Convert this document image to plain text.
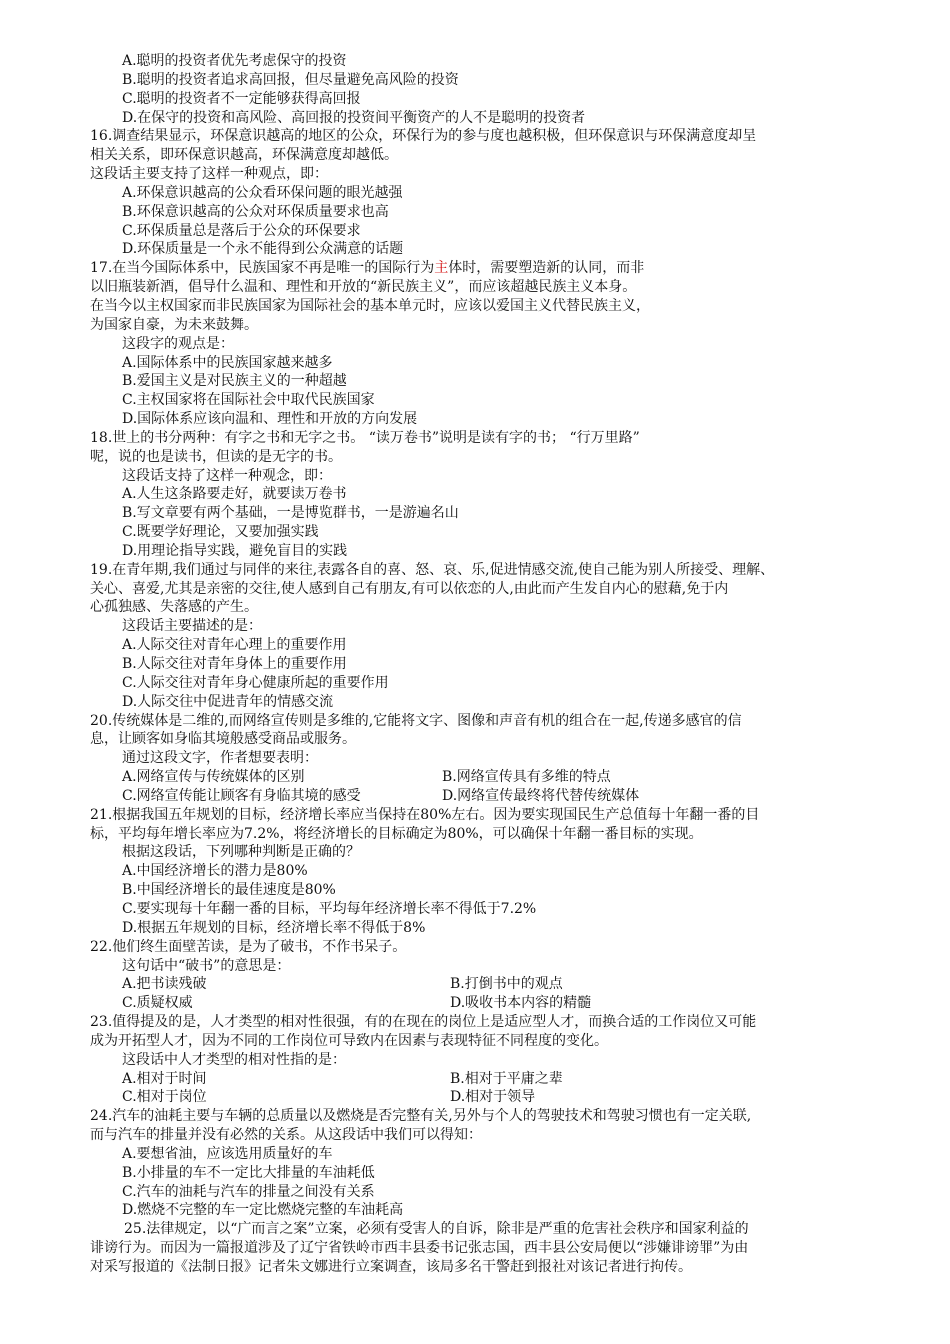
A.聪明的投资者优先考虑保守的投资
B.聪明的投资者追求高回报，但尽量避免高风险的投资
C.聪明的投资者不一定能够获得高回报
D.在保守的投资和高风险、高回报的投资间平衡资产的人不是聪明的投资者
16.调查结果显示，环保意识越高的地区的公众，环保行为的参与度也越积极，但环保意识与环保满意度却呈
相关关系，即环保意识越高，环保满意度却越低。
这段话主要支持了这样一种观点，即：
A.环保意识越高的公众看环保问题的眼光越强
B.环保意识越高的公众对环保质量要求也高
C.环保质量总是落后于公众的环保要求
D.环保质量是一个永不能得到公众满意的话题
17.在当今国际体系中，民族国家不再是唯一的国际行为主体时，需要塑造新的认同，而非
以旧瓶装新酒，倡导什么温和、理性和开放的“新民族主义”，而应该超越民族主义本身。
在当今以主权国家而非民族国家为国际社会的基本单元时，应该以爱国主义代替民族主义，
为国家自豪，为未来鼓舞。
这段字的观点是：
A.国际体系中的民族国家越来越多
B.爱国主义是对民族主义的一种超越
C.主权国家将在国际社会中取代民族国家
D.国际体系应该向温和、理性和开放的方向发展
18.世上的书分两种：有字之书和无字之书。 “读万卷书”说明是读有字的书； “行万里路”
呢，说的也是读书，但读的是无字的书。
这段话支持了这样一种观念，即：
A.人生这条路要走好，就要读万卷书
B.写文章要有两个基础，一是博览群书，一是游遍名山
C.既要学好理论，又要加强实践
D.用理论指导实践，避免盲目的实践
19.在青年期,我们通过与同伴的来往,表露各自的喜、怒、哀、乐,促进情感交流,使自己能为别人所接受、理解、
关心、喜爱,尤其是亲密的交往,使人感到自己有朋友,有可以依恋的人,由此而产生发自内心的慰藉,免于内
心孤独感、失落感的产生。
这段话主要描述的是：
A.人际交往对青年心理上的重要作用
B.人际交往对青年身体上的重要作用
C.人际交往对青年身心健康所起的重要作用
D.人际交往中促进青年的情感交流
20.传统媒体是二维的,而网络宣传则是多维的,它能将文字、图像和声音有机的组合在一起,传递多感官的信
息，让顾客如身临其境般感受商品或服务。
通过这段文字，作者想要表明：
A.网络宣传与传统媒体的区别	B.网络宣传具有多维的特点
C.网络宣传能让顾客有身临其境的感受	D.网络宣传最终将代替传统媒体
21.根据我国五年规划的目标，经济增长率应当保持在80%左右。因为要实现国民生产总值每十年翻一番的目
标，平均每年增长率应为7.2%，将经济增长的目标确定为80%，可以确保十年翻一番目标的实现。
根据这段话，下列哪种判断是正确的？
A.中国经济增长的潜力是80%
B.中国经济增长的最佳速度是80%
C.要实现每十年翻一番的目标，平均每年经济增长率不得低于7.2%
D.根据五年规划的目标，经济增长率不得低于8%
22.他们终生面壁苦读，是为了破书，不作书呆子。
这句话中“破书”的意思是：
A.把书读残破	B.打倒书中的观点
C.质疑权威	D.吸收书本内容的精髓
23.值得提及的是，人才类型的相对性很强，有的在现在的岗位上是适应型人才，而换合适的工作岗位又可能
成为开拓型人才，因为不同的工作岗位可导致内在因素与表现特征不同程度的变化。
这段话中人才类型的相对性指的是：
A.相对于时间	B.相对于平庸之辈
C.相对于岗位	D.相对于领导
24.汽车的油耗主要与车辆的总质量以及燃烧是否完整有关,另外与个人的驾驶技术和驾驶习惯也有一定关联,
而与汽车的排量并没有必然的关系。从这段话中我们可以得知：
A.要想省油，应该选用质量好的车
B.小排量的车不一定比大排量的车油耗低
C.汽车的油耗与汽车的排量之间没有关系
D.燃烧不完整的车一定比燃烧完整的车油耗高
25.法律规定，以“广而言之案”立案，必须有受害人的自诉，除非是严重的危害社会秩序和国家利益的
诽谤行为。而因为一篇报道涉及了辽宁省铁岭市西丰县委书记张志国，西丰县公安局便以“涉嫌诽谤罪”为由
对采写报道的《法制日报》记者朱文娜进行立案调查，该局多名干警赶到报社对该记者进行拘传。
